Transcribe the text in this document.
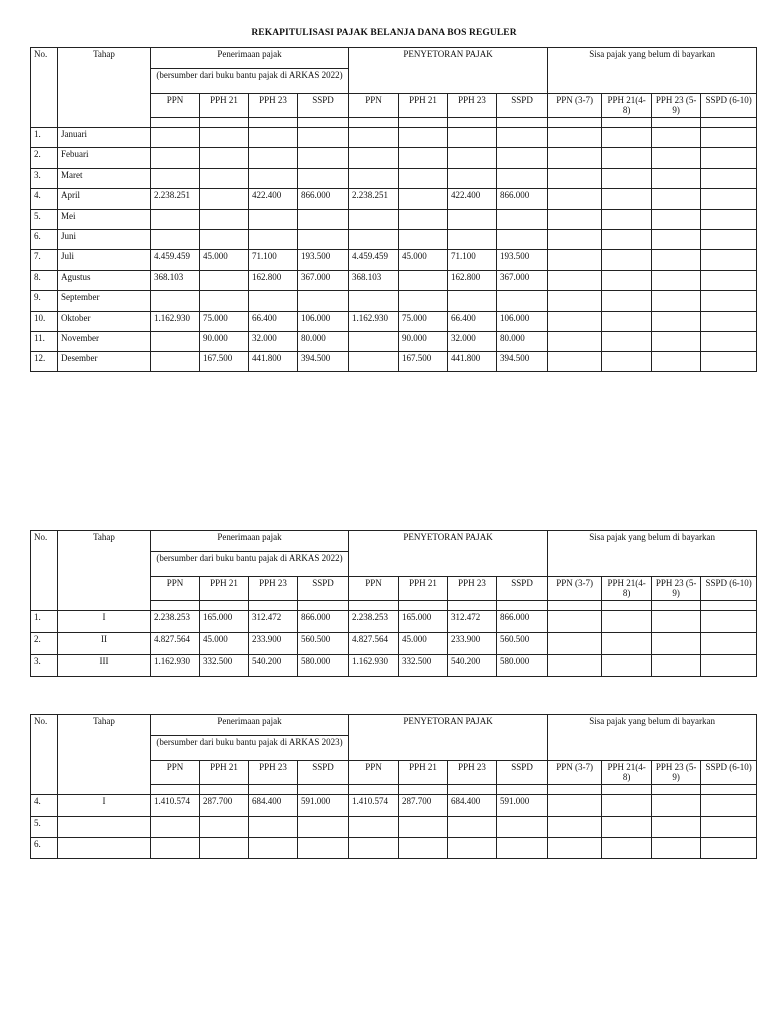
REKAPITULISASI PAJAK BELANJA DANA BOS REGULER
No.	Tahap	Penerimaan pajak				PENYETORAN PAJAK				Sisa pajak yang belum di bayarkan			
		(bersumber dari buku bantu pajak di ARKAS 2022)											
		PPN	PPH 21	PPH 23	SSPD	PPN	PPH 21	PPH 23	SSPD	PPN (3-7)	PPH 21(4-8)	PPH 23 (5-9)	SSPD (6-10)

1.	Januari												
2.	Febuari												
3.	Maret												
4.	April	2.238.251		422.400	866.000	2.238.251		422.400	866.000				
5.	Mei												
6.	Juni												
7.	Juli	4.459.459	45.000	71.100	193.500	4.459.459	45.000	71.100	193.500				
8.	Agustus	368.103		162.800	367.000	368.103		162.800	367.000				
9.	September												
10.	Oktober	1.162.930	75.000	66.400	106.000	1.162.930	75.000	66.400	106.000				
11.	November		90.000	32.000	80.000		90.000	32.000	80.000				
12.	Desember		167.500	441.800	394.500		167.500	441.800	394.500				
No.	Tahap	Penerimaan pajak				PENYETORAN PAJAK				Sisa pajak yang belum di bayarkan			
		(bersumber dari buku bantu pajak di ARKAS 2022)											
		PPN	PPH 21	PPH 23	SSPD	PPN	PPH 21	PPH 23	SSPD	PPN (3-7)	PPH 21(4-8)	PPH 23 (5-9)	SSPD (6-10)

1.	I	2.238.253	165.000	312.472	866.000	2.238.253	165.000	312.472	866.000				
2.	II	4.827.564	45.000	233.900	560.500	4.827.564	45.000	233.900	560.500				
3.	III	1.162.930	332.500	540.200	580.000	1.162.930	332.500	540.200	580.000				
No.	Tahap	Penerimaan pajak				PENYETORAN PAJAK				Sisa pajak yang belum di bayarkan			
		(bersumber dari buku bantu pajak di ARKAS 2023)											
		PPN	PPH 21	PPH 23	SSPD	PPN	PPH 21	PPH 23	SSPD	PPN (3-7)	PPH 21(4-8)	PPH 23 (5-9)	SSPD (6-10)

4.	I	1.410.574	287.700	684.400	591.000	1.410.574	287.700	684.400	591.000				
5.													
6.													
